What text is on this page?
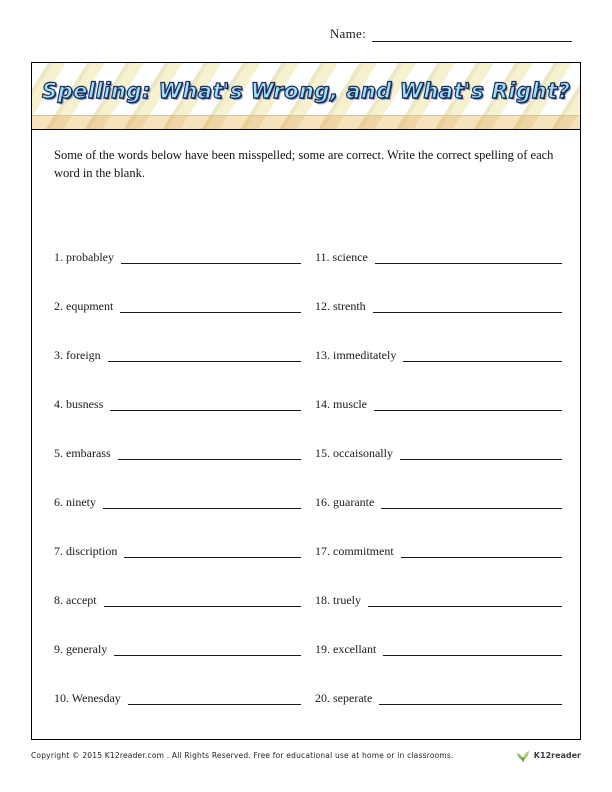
Name:
Spelling: What's Wrong, and What's Right?
Some of the words below have been misspelled; some are correct. Write the correct spelling of each word in the blank.
1. probabley
2. equpment
3. foreign
4. busness
5. embarass
6. ninety
7. discription
8. accept
9. generaly
10. Wenesday
11. science
12. strenth
13. immeditately
14. muscle
15. occaisonally
16. guarante
17. commitment
18. truely
19. excellant
20. seperate
Copyright © 2015 K12reader.com . All Rights Reserved. Free for educational use at home or in classrooms.	K12reader
